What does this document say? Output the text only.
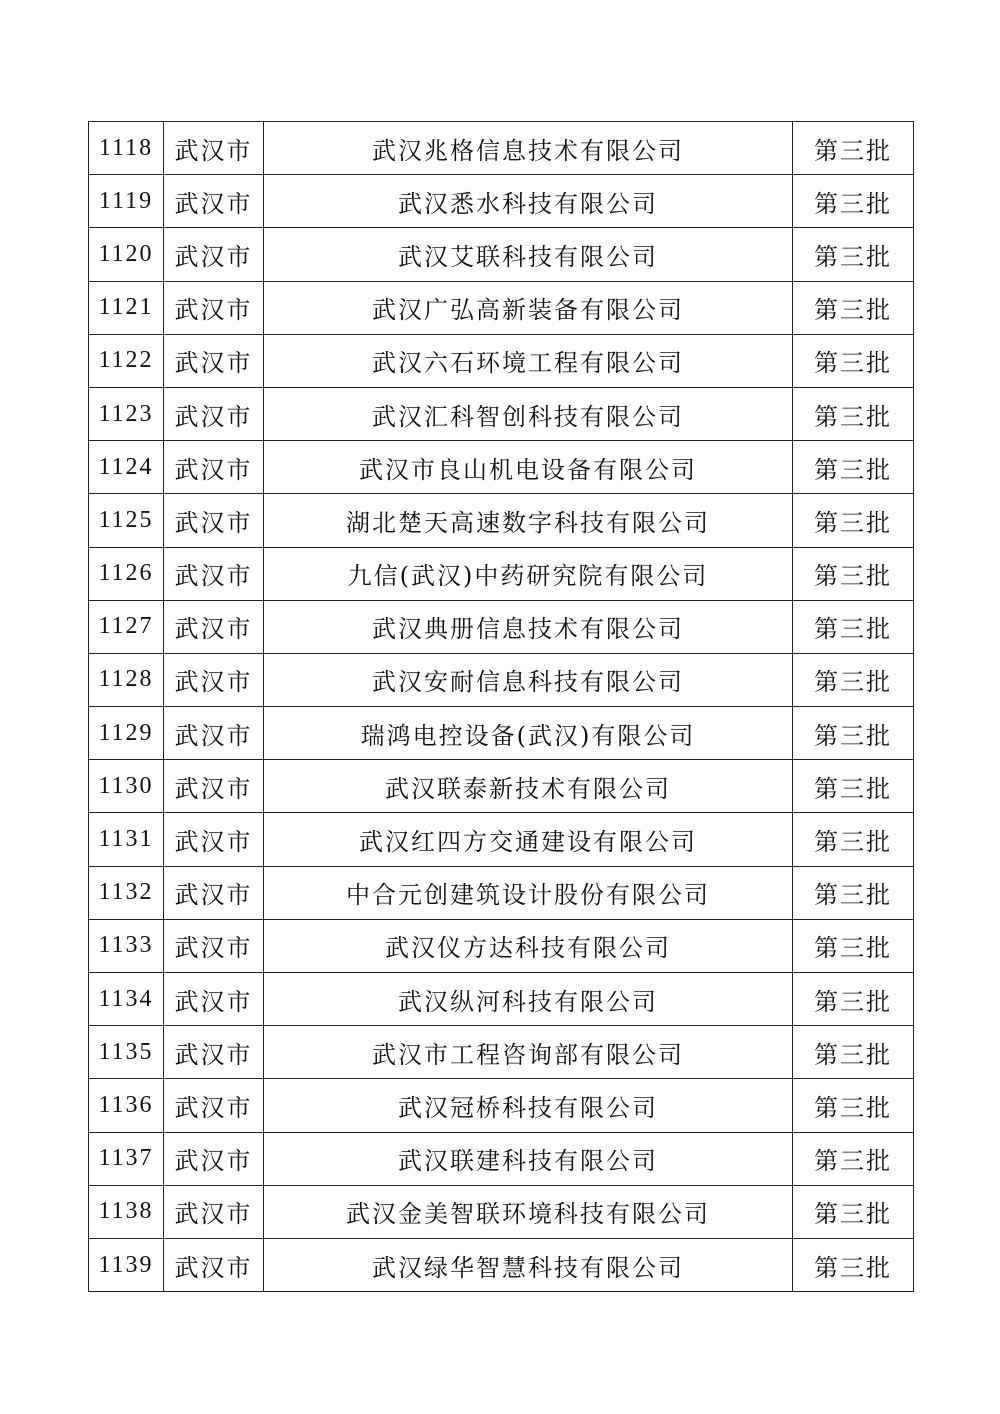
1118	武汉市	武汉兆格信息技术有限公司	第三批
1119	武汉市	武汉悉水科技有限公司	第三批
1120	武汉市	武汉艾联科技有限公司	第三批
1121	武汉市	武汉广弘高新装备有限公司	第三批
1122	武汉市	武汉六石环境工程有限公司	第三批
1123	武汉市	武汉汇科智创科技有限公司	第三批
1124	武汉市	武汉市良山机电设备有限公司	第三批
1125	武汉市	湖北楚天高速数字科技有限公司	第三批
1126	武汉市	九信(武汉)中药研究院有限公司	第三批
1127	武汉市	武汉典册信息技术有限公司	第三批
1128	武汉市	武汉安耐信息科技有限公司	第三批
1129	武汉市	瑞鸿电控设备(武汉)有限公司	第三批
1130	武汉市	武汉联泰新技术有限公司	第三批
1131	武汉市	武汉红四方交通建设有限公司	第三批
1132	武汉市	中合元创建筑设计股份有限公司	第三批
1133	武汉市	武汉仪方达科技有限公司	第三批
1134	武汉市	武汉纵河科技有限公司	第三批
1135	武汉市	武汉市工程咨询部有限公司	第三批
1136	武汉市	武汉冠桥科技有限公司	第三批
1137	武汉市	武汉联建科技有限公司	第三批
1138	武汉市	武汉金美智联环境科技有限公司	第三批
1139	武汉市	武汉绿华智慧科技有限公司	第三批
